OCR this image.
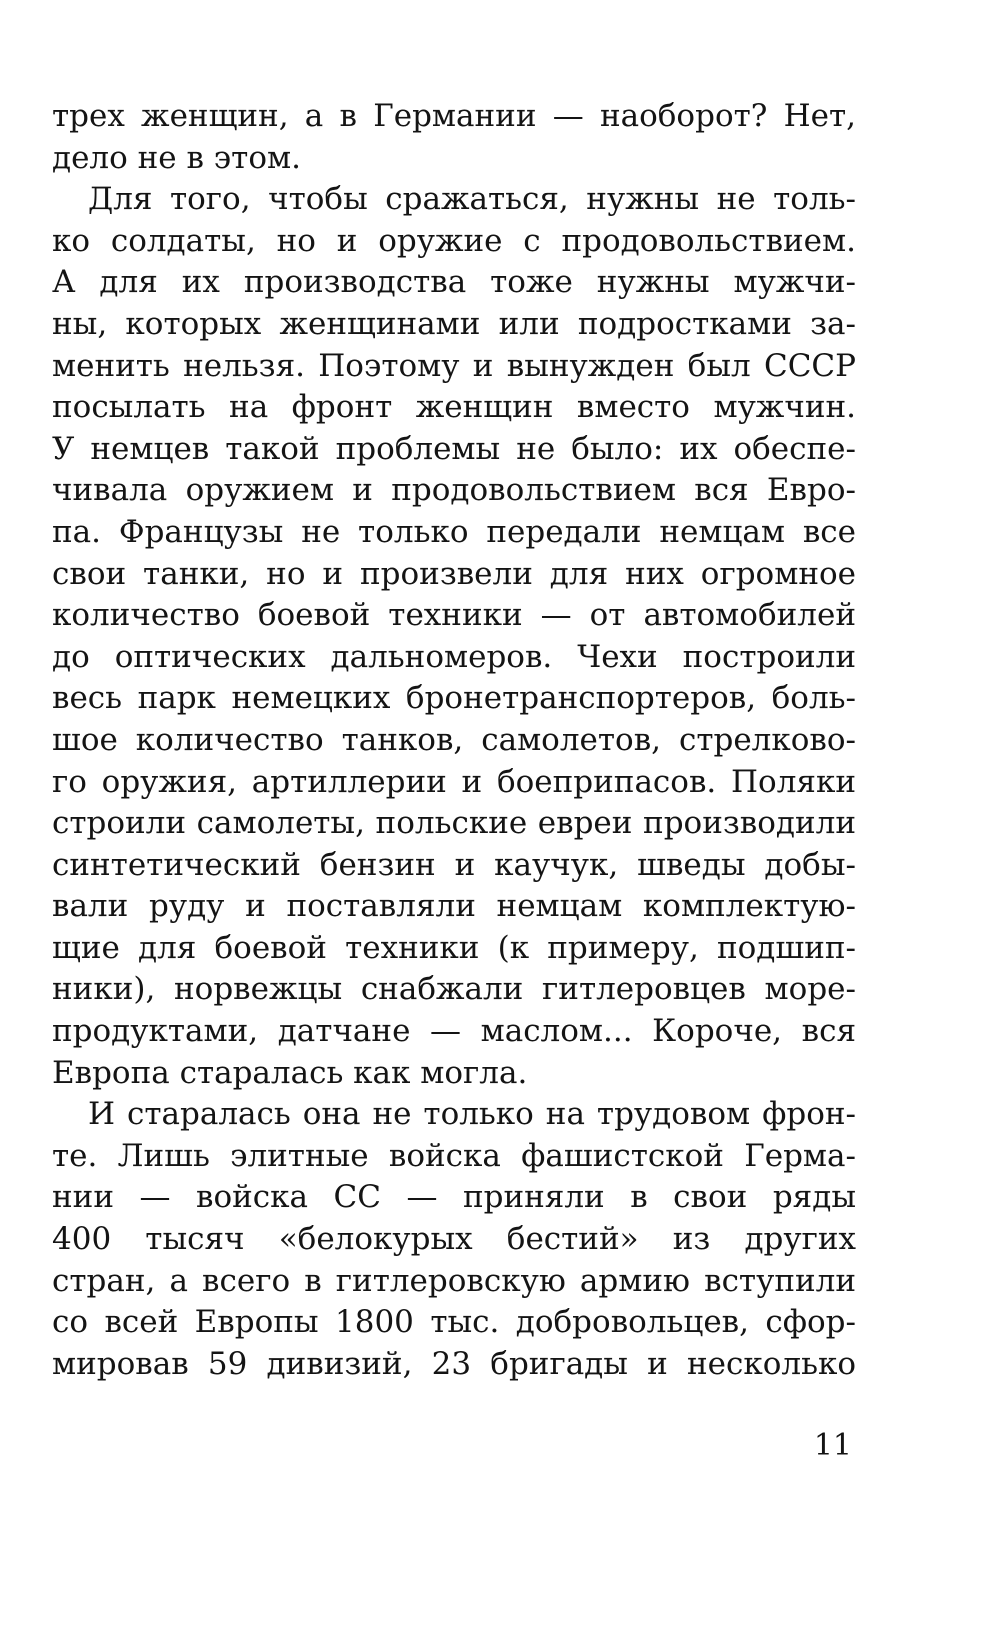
трех женщин, а в Германии — наоборот? Нет,
дело не в этом.
Для того, чтобы сражаться, нужны не толь-
ко солдаты, но и оружие с продовольствием.
А для их производства тоже нужны мужчи-
ны, которых женщинами или подростками за-
менить нельзя. Поэтому и вынужден был СССР
посылать на фронт женщин вместо мужчин.
У немцев такой проблемы не было: их обеспе-
чивала оружием и продовольствием вся Евро-
па. Французы не только передали немцам все
свои танки, но и произвели для них огромное
количество боевой техники — от автомобилей
до оптических дальномеров. Чехи построили
весь парк немецких бронетранспортеров, боль-
шое количество танков, самолетов, стрелково-
го оружия, артиллерии и боеприпасов. Поляки
строили самолеты, польские евреи производили
синтетический бензин и каучук, шведы добы-
вали руду и поставляли немцам комплектую-
щие для боевой техники (к примеру, подшип-
ники), норвежцы снабжали гитлеровцев море-
продуктами, датчане — маслом... Короче, вся
Европа старалась как могла.
И старалась она не только на трудовом фрон-
те. Лишь элитные войска фашистской Герма-
нии — войска СС — приняли в свои ряды
400 тысяч «белокурых бестий» из других
стран, а всего в гитлеровскую армию вступили
со всей Европы 1800 тыс. добровольцев, сфор-
мировав 59 дивизий, 23 бригады и несколько
11
